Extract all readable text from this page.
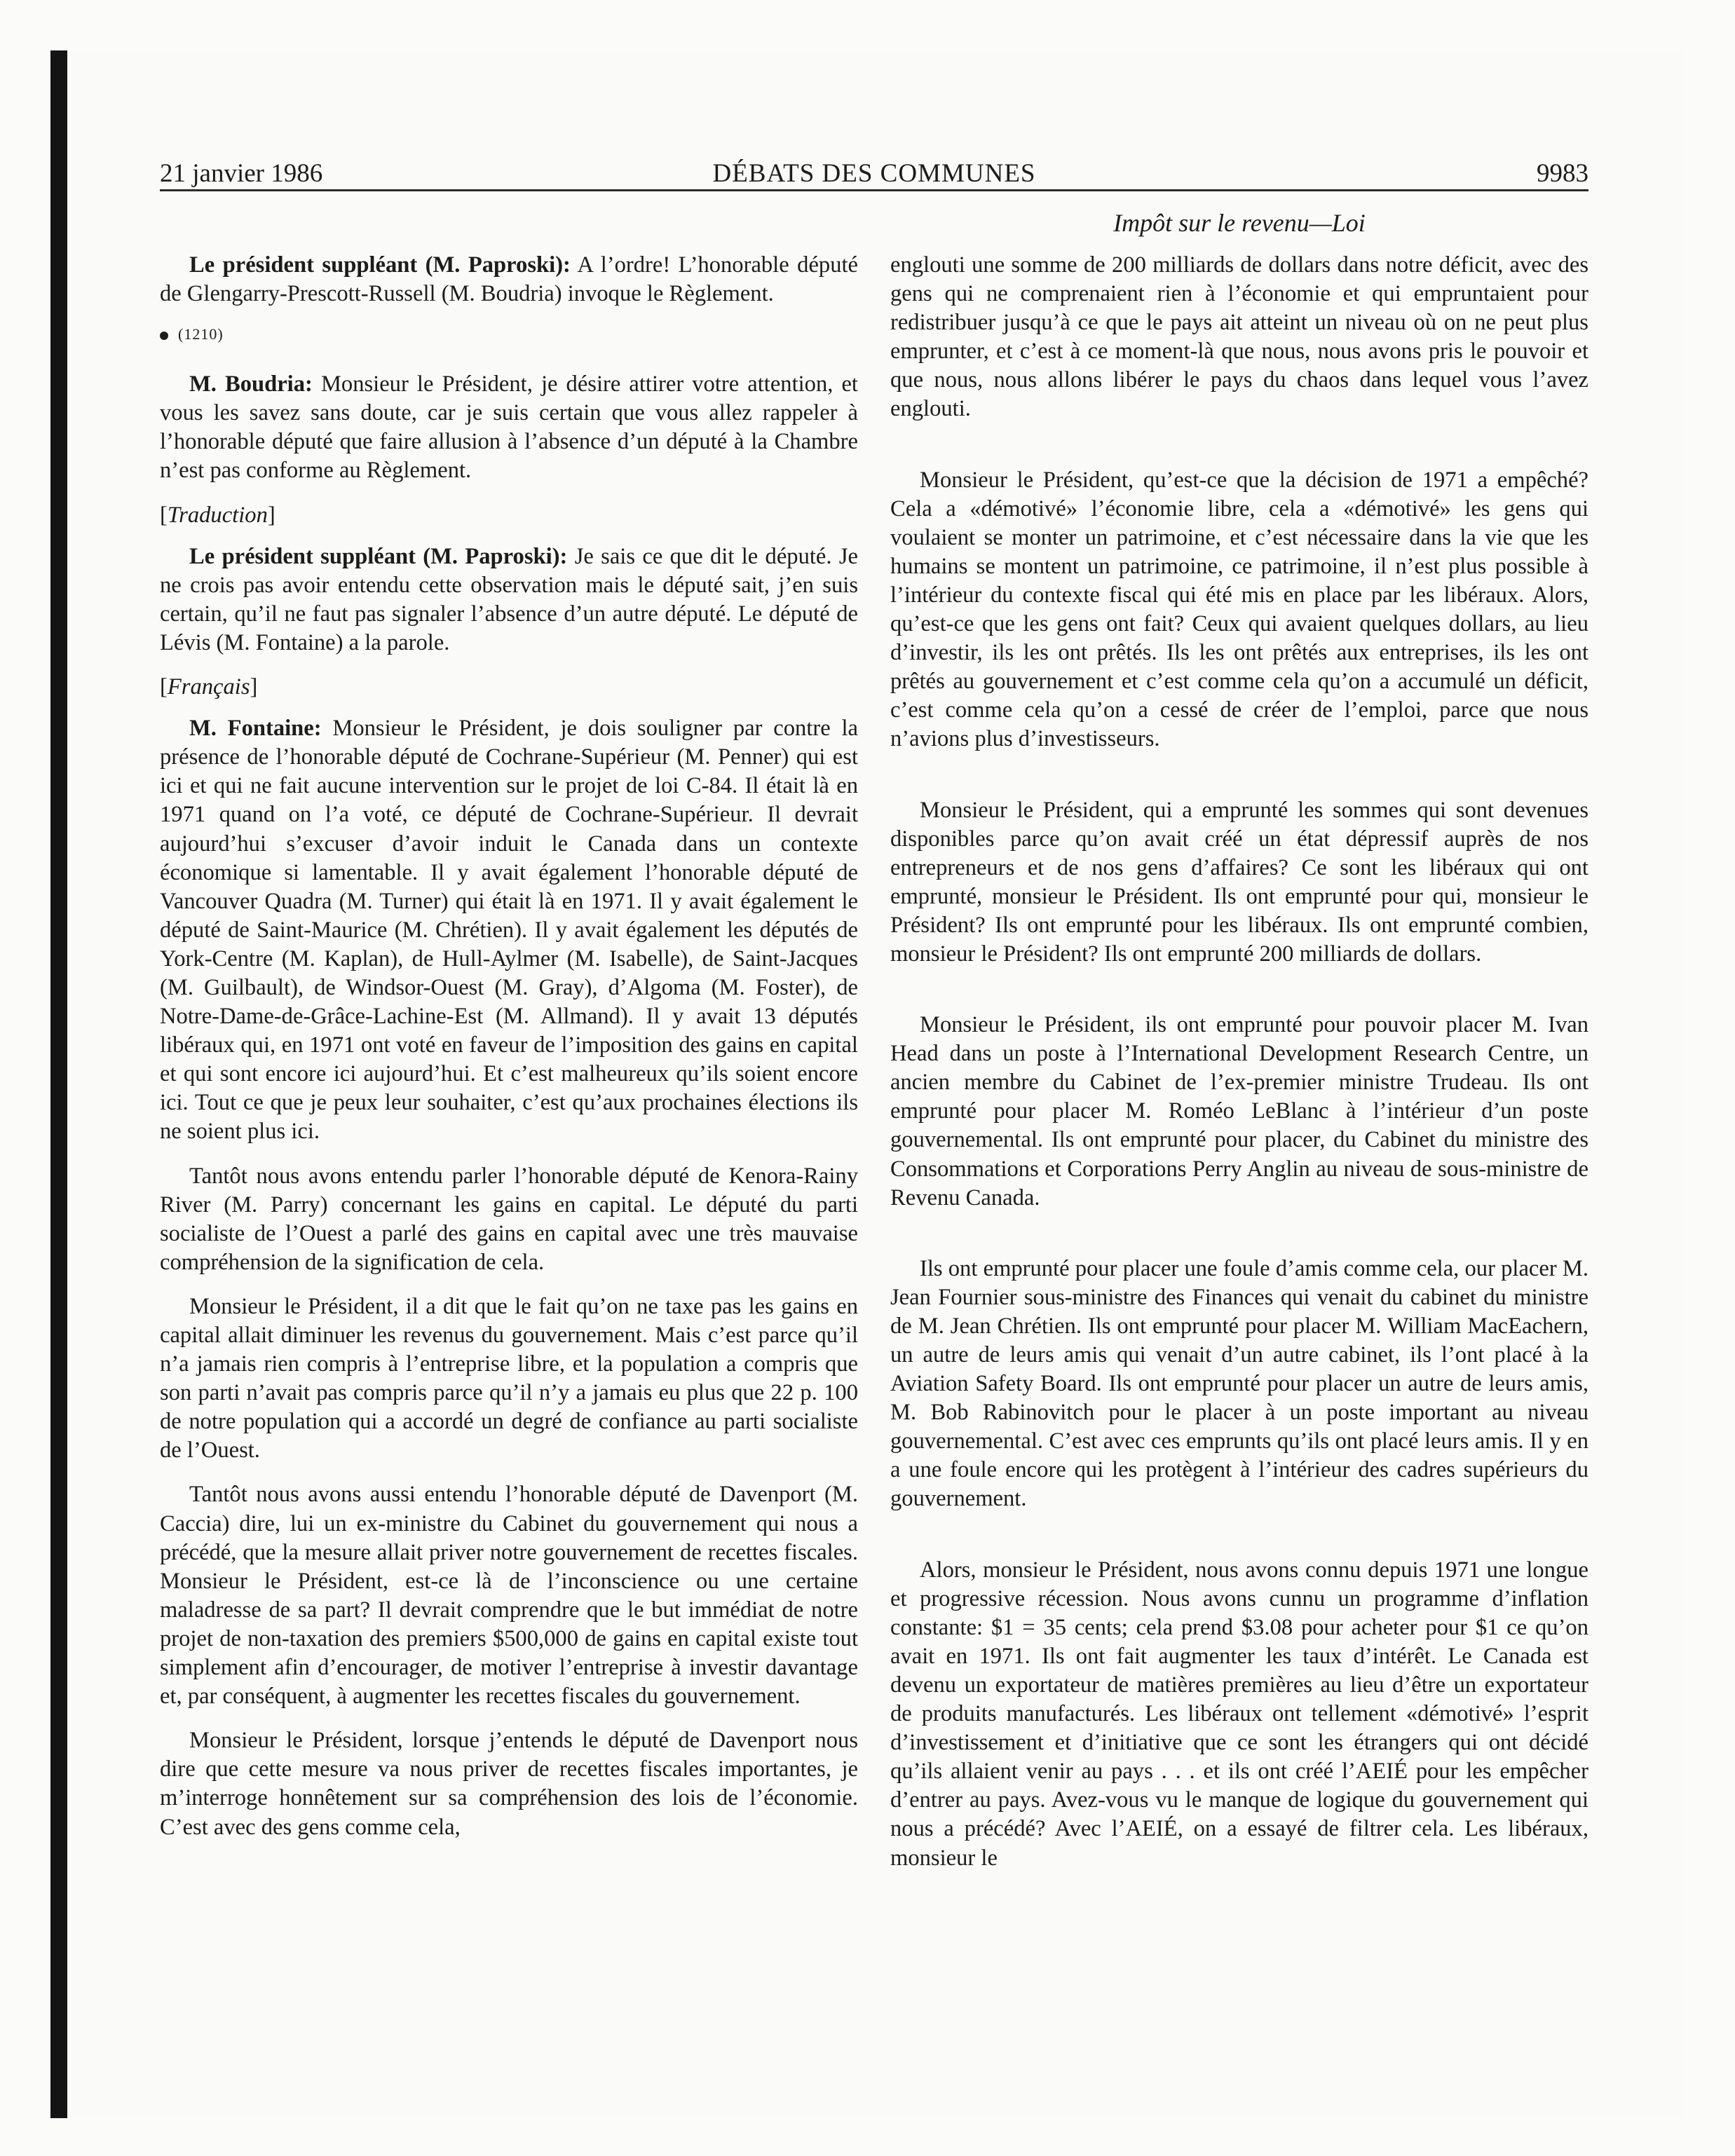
21 janvier 1986	DÉBATS DES COMMUNES	9983
Impôt sur le revenu—Loi

Le président suppléant (M. Paproski): A l’ordre! L’honorable député de Glengarry-Prescott-Russell (M. Boudria) invoque le Règlement.

(1210)

M. Boudria: Monsieur le Président, je désire attirer votre attention, et vous les savez sans doute, car je suis certain que vous allez rappeler à l’honorable député que faire allusion à l’absence d’un député à la Chambre n’est pas conforme au Règlement.

[Traduction]

Le président suppléant (M. Paproski): Je sais ce que dit le député. Je ne crois pas avoir entendu cette observation mais le député sait, j’en suis certain, qu’il ne faut pas signaler l’absence d’un autre député. Le député de Lévis (M. Fontaine) a la parole.

[Français]

M. Fontaine: Monsieur le Président, je dois souligner par contre la présence de l’honorable député de Cochrane-Supérieur (M. Penner) qui est ici et qui ne fait aucune intervention sur le projet de loi C-84. Il était là en 1971 quand on l’a voté, ce député de Cochrane-Supérieur. Il devrait aujourd’hui s’excuser d’avoir induit le Canada dans un contexte économique si lamentable. Il y avait également l’honorable député de Vancouver Quadra (M. Turner) qui était là en 1971. Il y avait également le député de Saint-Maurice (M. Chrétien). Il y avait également les députés de York-Centre (M. Kaplan), de Hull-Aylmer (M. Isabelle), de Saint-Jacques (M. Guilbault), de Windsor-Ouest (M. Gray), d’Algoma (M. Foster), de Notre-Dame-de-Grâce-Lachine-Est (M. Allmand). Il y avait 13 députés libéraux qui, en 1971 ont voté en faveur de l’imposition des gains en capital et qui sont encore ici aujourd’hui. Et c’est malheureux qu’ils soient encore ici. Tout ce que je peux leur souhaiter, c’est qu’aux prochaines élections ils ne soient plus ici.

Tantôt nous avons entendu parler l’honorable député de Kenora-Rainy River (M. Parry) concernant les gains en capital. Le député du parti socialiste de l’Ouest a parlé des gains en capital avec une très mauvaise compréhension de la signification de cela.

Monsieur le Président, il a dit que le fait qu’on ne taxe pas les gains en capital allait diminuer les revenus du gouvernement. Mais c’est parce qu’il n’a jamais rien compris à l’entreprise libre, et la population a compris que son parti n’avait pas compris parce qu’il n’y a jamais eu plus que 22 p. 100 de notre population qui a accordé un degré de confiance au parti socialiste de l’Ouest.

Tantôt nous avons aussi entendu l’honorable député de Davenport (M. Caccia) dire, lui un ex-ministre du Cabinet du gouvernement qui nous a précédé, que la mesure allait priver notre gouvernement de recettes fiscales. Monsieur le Président, est-ce là de l’inconscience ou une certaine maladresse de sa part? Il devrait comprendre que le but immédiat de notre projet de non-taxation des premiers $500,000 de gains en capital existe tout simplement afin d’encourager, de motiver l’entreprise à investir davantage et, par conséquent, à augmenter les recettes fiscales du gouvernement.

Monsieur le Président, lorsque j’entends le député de Davenport nous dire que cette mesure va nous priver de recettes fiscales importantes, je m’interroge honnêtement sur sa compréhension des lois de l’économie. C’est avec des gens comme cela,

englouti une somme de 200 milliards de dollars dans notre déficit, avec des gens qui ne comprenaient rien à l’économie et qui empruntaient pour redistribuer jusqu’à ce que le pays ait atteint un niveau où on ne peut plus emprunter, et c’est à ce moment-là que nous, nous avons pris le pouvoir et que nous, nous allons libérer le pays du chaos dans lequel vous l’avez englouti.

Monsieur le Président, qu’est-ce que la décision de 1971 a empêché? Cela a «démotivé» l’économie libre, cela a «démotivé» les gens qui voulaient se monter un patrimoine, et c’est nécessaire dans la vie que les humains se montent un patrimoine, ce patrimoine, il n’est plus possible à l’intérieur du contexte fiscal qui été mis en place par les libéraux. Alors, qu’est-ce que les gens ont fait? Ceux qui avaient quelques dollars, au lieu d’investir, ils les ont prêtés. Ils les ont prêtés aux entreprises, ils les ont prêtés au gouvernement et c’est comme cela qu’on a accumulé un déficit, c’est comme cela qu’on a cessé de créer de l’emploi, parce que nous n’avions plus d’investisseurs.

Monsieur le Président, qui a emprunté les sommes qui sont devenues disponibles parce qu’on avait créé un état dépressif auprès de nos entrepreneurs et de nos gens d’affaires? Ce sont les libéraux qui ont emprunté, monsieur le Président. Ils ont emprunté pour qui, monsieur le Président? Ils ont emprunté pour les libéraux. Ils ont emprunté combien, monsieur le Président? Ils ont emprunté 200 milliards de dollars.

Monsieur le Président, ils ont emprunté pour pouvoir placer M. Ivan Head dans un poste à l’International Development Research Centre, un ancien membre du Cabinet de l’ex-premier ministre Trudeau. Ils ont emprunté pour placer M. Roméo LeBlanc à l’intérieur d’un poste gouvernemental. Ils ont emprunté pour placer, du Cabinet du ministre des Consommations et Corporations Perry Anglin au niveau de sous-ministre de Revenu Canada.

Ils ont emprunté pour placer une foule d’amis comme cela, our placer M. Jean Fournier sous-ministre des Finances qui venait du cabinet du ministre de M. Jean Chrétien. Ils ont emprunté pour placer M. William MacEachern, un autre de leurs amis qui venait d’un autre cabinet, ils l’ont placé à la Aviation Safety Board. Ils ont emprunté pour placer un autre de leurs amis, M. Bob Rabinovitch pour le placer à un poste important au niveau gouvernemental. C’est avec ces emprunts qu’ils ont placé leurs amis. Il y en a une foule encore qui les protègent à l’intérieur des cadres supérieurs du gouvernement.

Alors, monsieur le Président, nous avons connu depuis 1971 une longue et progressive récession. Nous avons cunnu un programme d’inflation constante: $1 = 35 cents; cela prend $3.08 pour acheter pour $1 ce qu’on avait en 1971. Ils ont fait augmenter les taux d’intérêt. Le Canada est devenu un exportateur de matières premières au lieu d’être un exportateur de produits manufacturés. Les libéraux ont tellement «démotivé» l’esprit d’investissement et d’initiative que ce sont les étrangers qui ont décidé qu’ils allaient venir au pays . . . et ils ont créé l’AEIÉ pour les empêcher d’entrer au pays. Avez-vous vu le manque de logique du gouvernement qui nous a précédé? Avec l’AEIÉ, on a essayé de filtrer cela. Les libéraux, monsieur le
